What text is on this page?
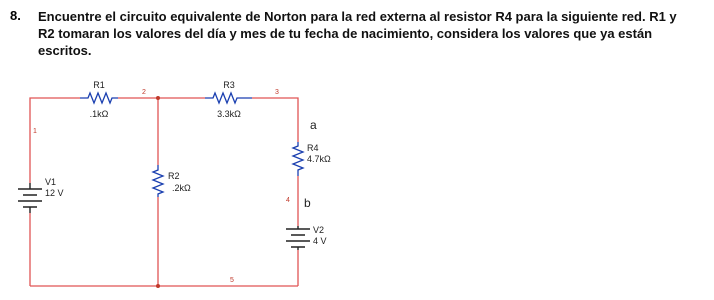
8. Encuentre el circuito equivalente de Norton para la red externa al resistor R4 para la siguiente red. R1 y R2 tomaran los valores del día y mes de tu fecha de nacimiento, considera los valores que ya están escritos.

R1
.1kΩ
R3
3.3kΩ
R2
.2kΩ
R4
4.7kΩ
V1
12 V
V2
4 V
1
2	3
4
5
a
b
